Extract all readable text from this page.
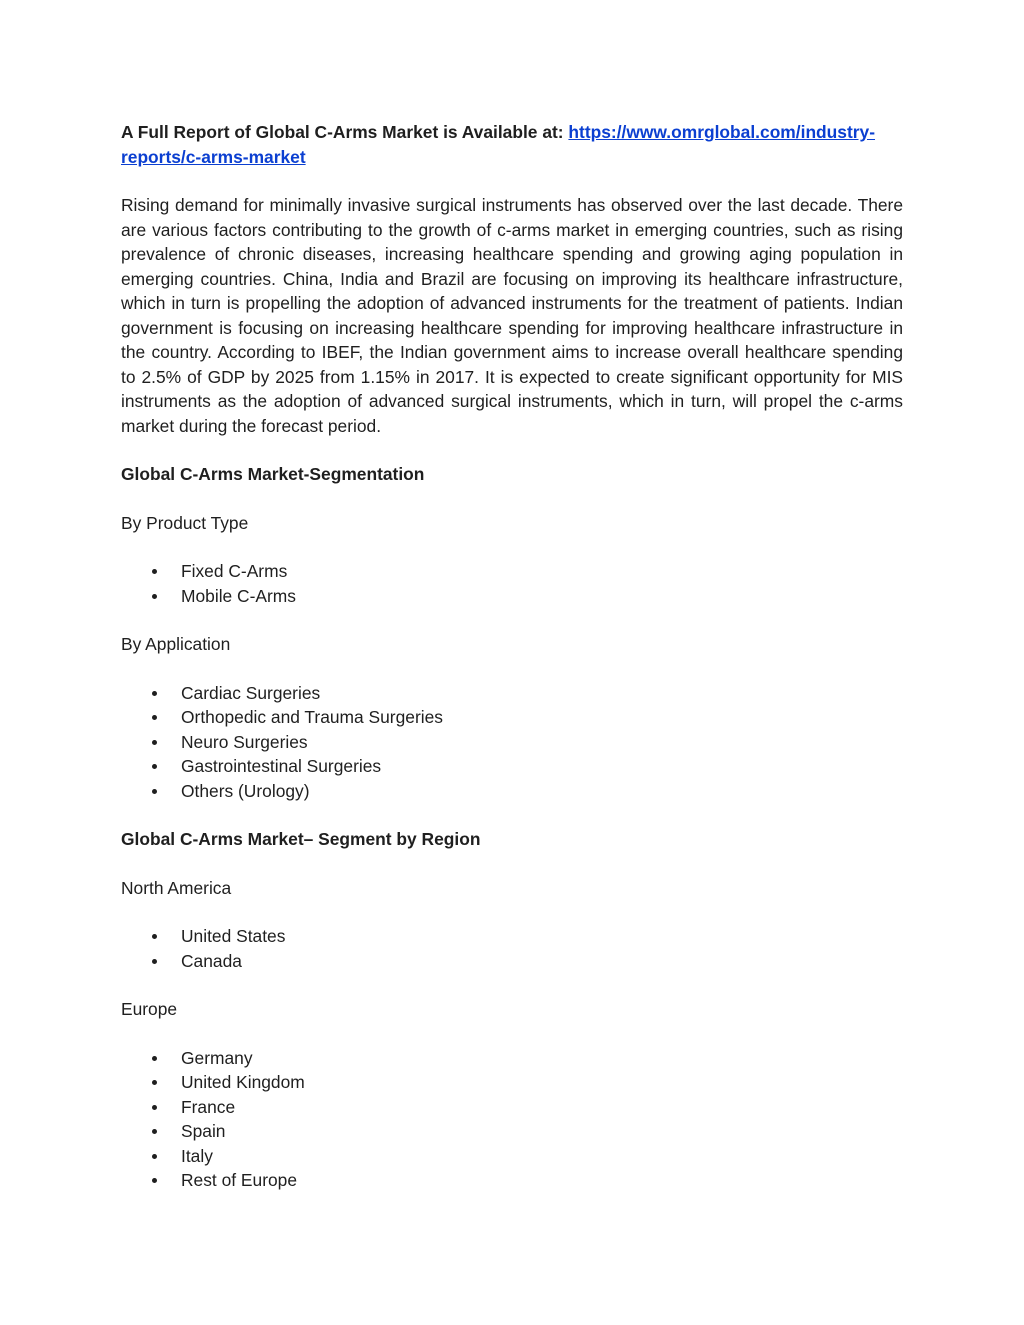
A Full Report of Global C-Arms Market is Available at: https://www.omrglobal.com/industry-reports/c-arms-market

Rising demand for minimally invasive surgical instruments has observed over the last decade. There are various factors contributing to the growth of c-arms market in emerging countries, such as rising prevalence of chronic diseases, increasing healthcare spending and growing aging population in emerging countries. China, India and Brazil are focusing on improving its healthcare infrastructure, which in turn is propelling the adoption of advanced instruments for the treatment of patients. Indian government is focusing on increasing healthcare spending for improving healthcare infrastructure in the country. According to IBEF, the Indian government aims to increase overall healthcare spending to 2.5% of GDP by 2025 from 1.15% in 2017. It is expected to create significant opportunity for MIS instruments as the adoption of advanced surgical instruments, which in turn, will propel the c-arms market during the forecast period.

Global C-Arms Market-Segmentation

By Product Type

Fixed C-Arms
Mobile C-Arms

By Application

Cardiac Surgeries
Orthopedic and Trauma Surgeries
Neuro Surgeries
Gastrointestinal Surgeries
Others (Urology)

Global C-Arms Market– Segment by Region

North America

United States
Canada

Europe

Germany
United Kingdom
France
Spain
Italy
Rest of Europe
